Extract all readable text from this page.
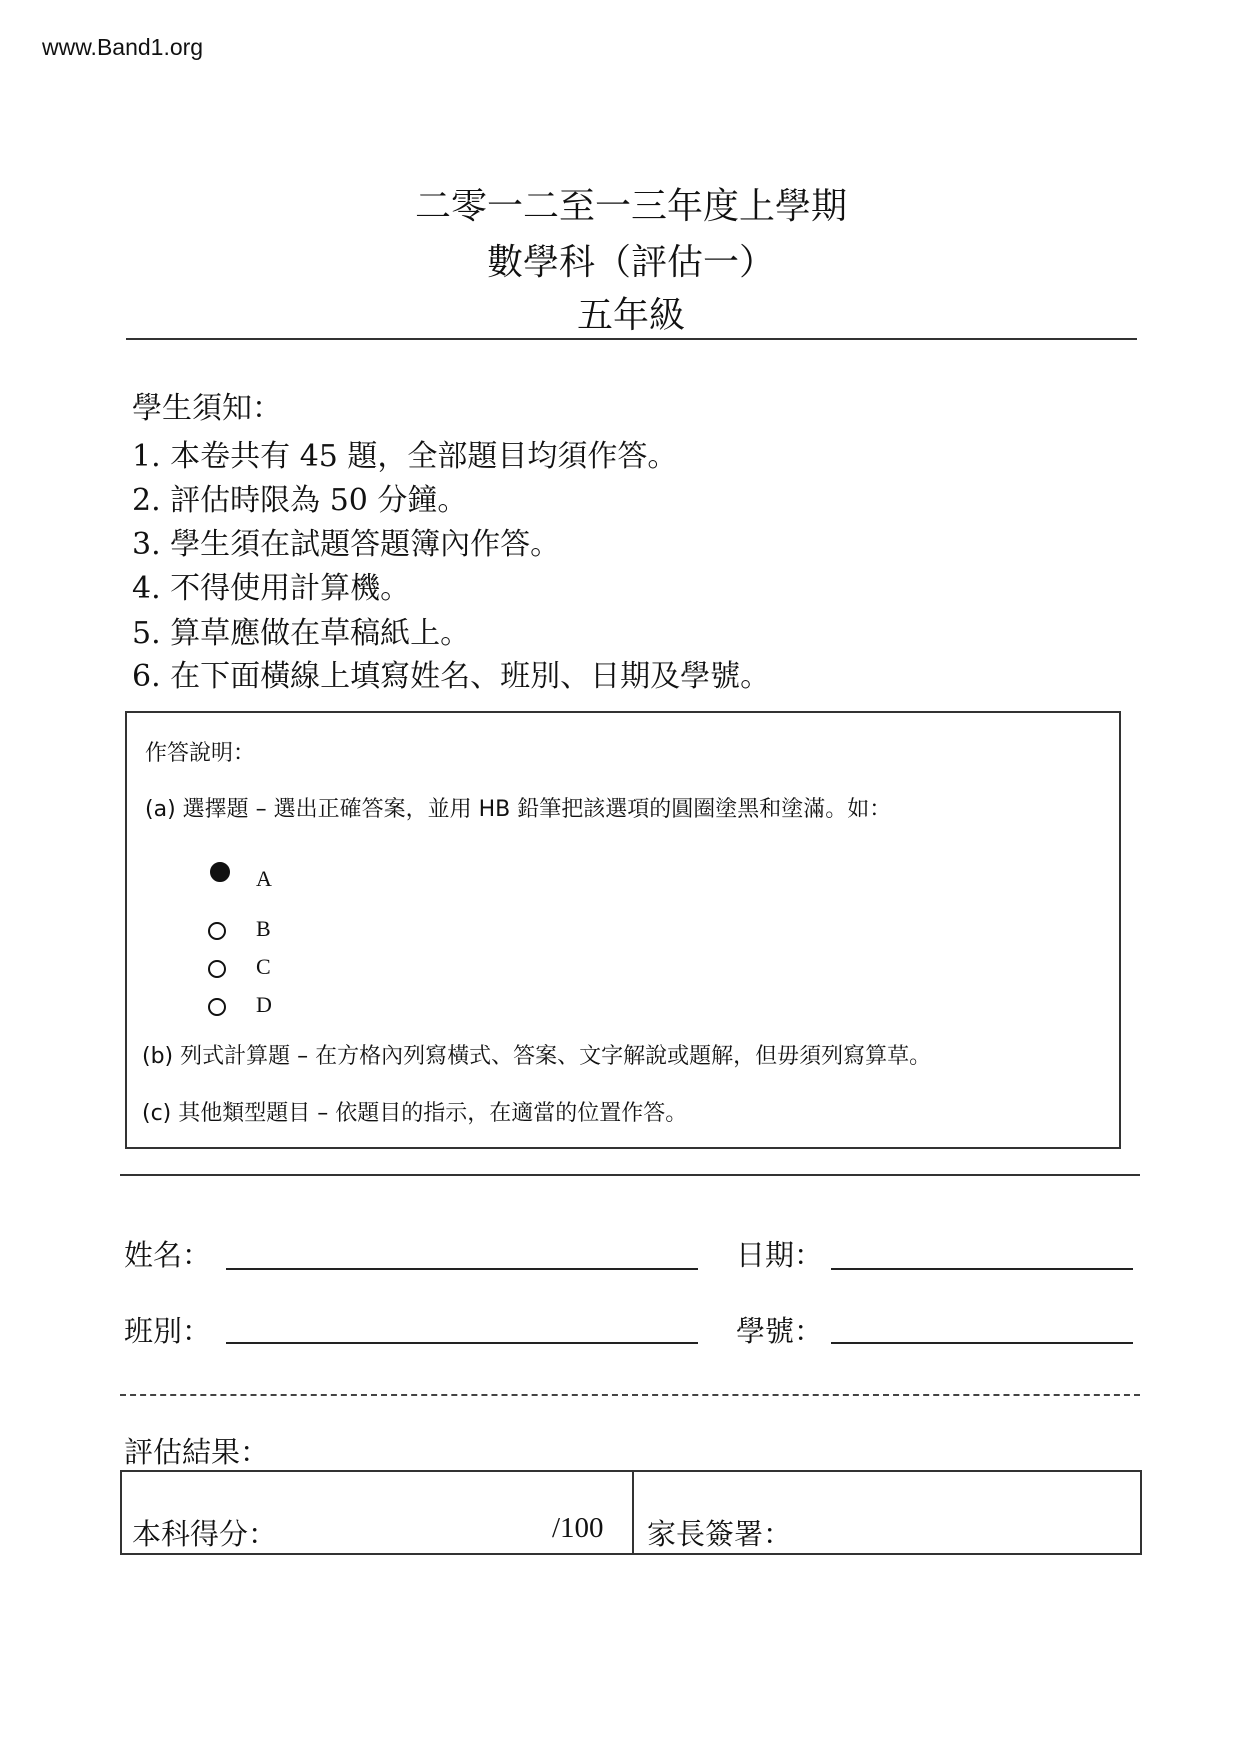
www.Band1.org
二零一二至一三年度上學期
數學科（評估一）
五年級
學生須知：
1. 本卷共有 45 題，全部題目均須作答。
2. 評估時限為 50 分鐘。
3. 學生須在試題答題簿內作答。
4. 不得使用計算機。
5. 算草應做在草稿紙上。
6. 在下面橫線上填寫姓名、班別、日期及學號。
作答說明：
(a) 選擇題 – 選出正確答案，並用 HB 鉛筆把該選項的圓圈塗黑和塗滿。如：
A
B
C
D
(b) 列式計算題 – 在方格內列寫橫式、答案、文字解說或題解，但毋須列寫算草。
(c) 其他類型題目 – 依題目的指示，在適當的位置作答。
姓名：	日期：
班別：	學號：
評估結果：
本科得分：	/100 家長簽署：
